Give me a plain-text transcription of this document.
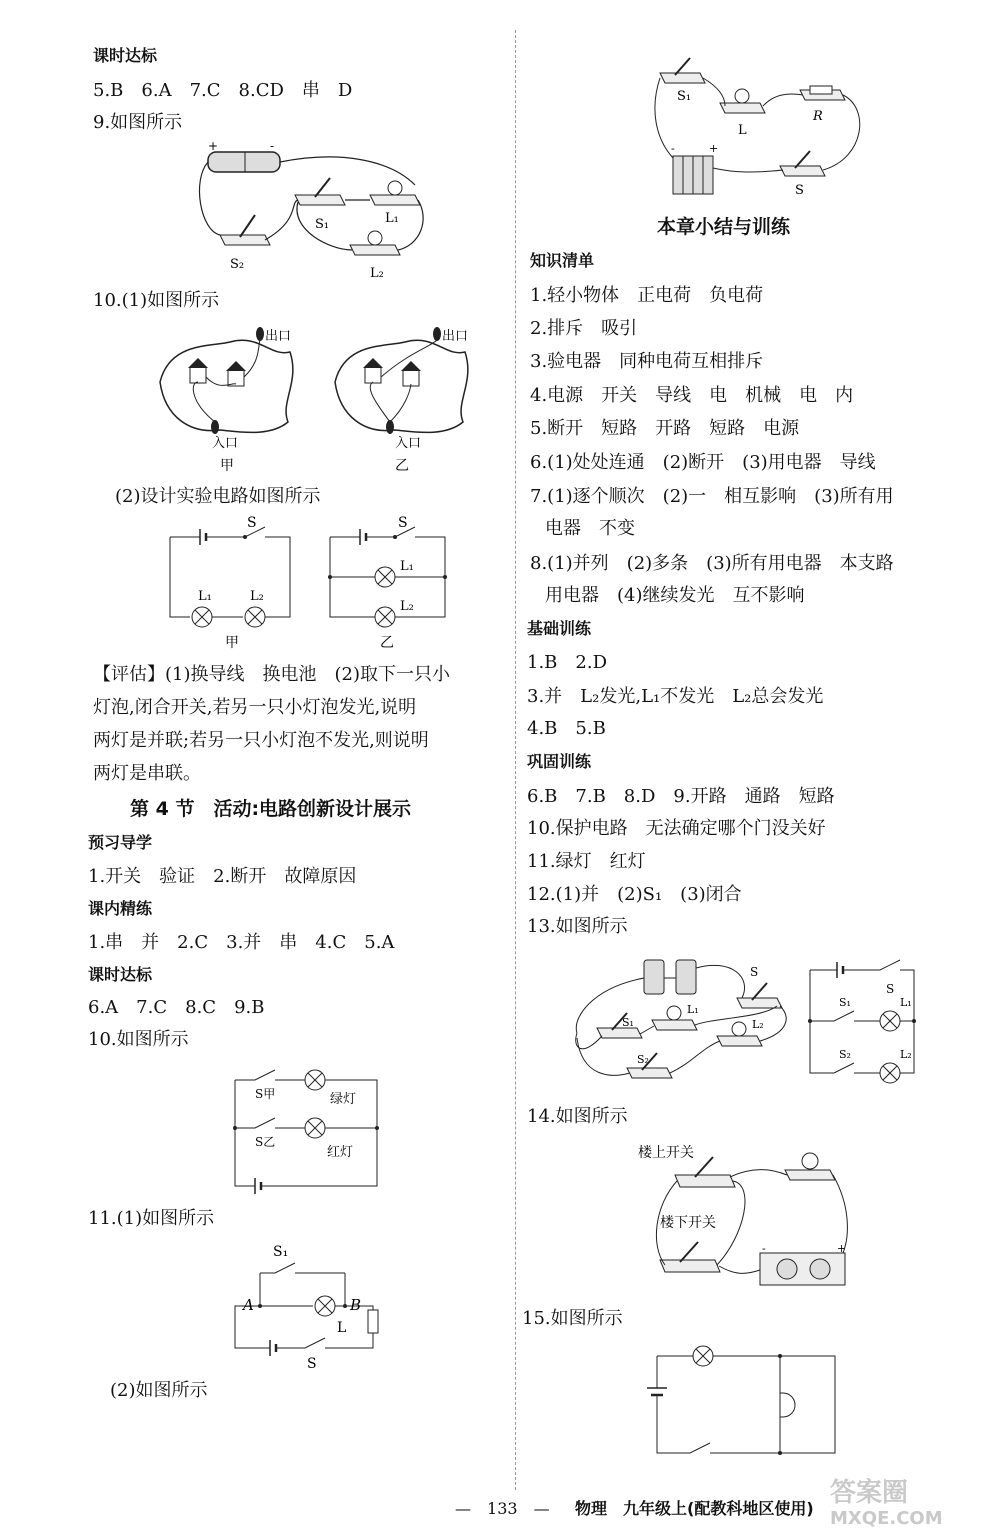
课时达标
5.B　6.A　7.C　8.CD　串　D
9.如图所示
+	-
S₂
S₁	L₁
L₂
10.(1)如图所示
出口
入口
甲
出口
入口
乙
(2)设计实验电路如图所示
S
L₁	L₂
甲
S
L₁
L₂
乙
【评估】(1)换导线　换电池　(2)取下一只小
灯泡,闭合开关,若另一只小灯泡发光,说明
两灯是并联;若另一只小灯泡不发光,则说明
两灯是串联。
第 4 节　活动:电路创新设计展示
预习导学
1.开关　验证　2.断开　故障原因
课内精练
1.串　并　2.C　3.并　串　4.C　5.A
课时达标
6.A　7.C　8.C　9.B
10.如图所示
S甲	绿灯
S乙
红灯
11.(1)如图所示
S₁
A	B
L
S
(2)如图所示
S₁
L
R
S
-	+
本章小结与训练
知识清单
1.轻小物体　正电荷　负电荷
2.排斥　吸引
3.验电器　同种电荷互相排斥
4.电源　开关　导线　电　机械　电　内
5.断开　短路　开路　短路　电源
6.(1)处处连通　(2)断开　(3)用电器　导线
7.(1)逐个顺次　(2)一　相互影响　(3)所有用
电器　不变
8.(1)并列　(2)多条　(3)所有用电器　本支路
用电器　(4)继续发光　互不影响
基础训练
1.B　2.D
3.并　L₂发光,L₁不发光　L₂总会发光
4.B　5.B
巩固训练
6.B　7.B　8.D　9.开路　通路　短路
10.保护电路　无法确定哪个门没关好
11.绿灯　红灯
12.(1)并　(2)S₁　(3)闭合
13.如图所示
S
S₁
L₁
L₂
S₂
S
S₁	L₁
S₂	L₂
14.如图所示
楼上开关
楼下开关
-	+
15.如图所示
—　133　— 物理　九年级上(配教科地区使用)
答案圈
MXQE.COM
